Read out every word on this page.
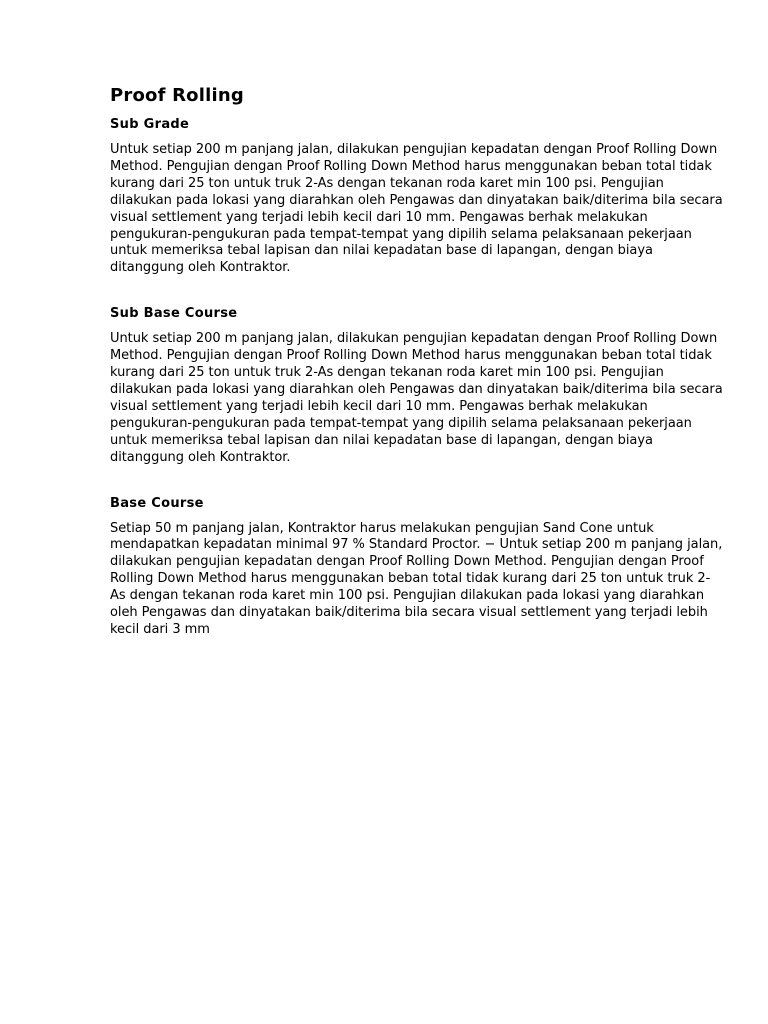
Proof Rolling
Sub Grade

Untuk setiap 200 m panjang jalan, dilakukan pengujian kepadatan dengan Proof Rolling Down Method. Pengujian dengan Proof Rolling Down Method harus menggunakan beban total tidak kurang dari 25 ton untuk truk 2-As dengan tekanan roda karet min 100 psi. Pengujian dilakukan pada lokasi yang diarahkan oleh Pengawas dan dinyatakan baik/diterima bila secara visual settlement yang terjadi lebih kecil dari 10 mm. Pengawas berhak melakukan pengukuran-pengukuran pada tempat-tempat yang dipilih selama pelaksanaan pekerjaan untuk memeriksa tebal lapisan dan nilai kepadatan base di lapangan, dengan biaya ditanggung oleh Kontraktor.

Sub Base Course

Untuk setiap 200 m panjang jalan, dilakukan pengujian kepadatan dengan Proof Rolling Down Method. Pengujian dengan Proof Rolling Down Method harus menggunakan beban total tidak kurang dari 25 ton untuk truk 2-As dengan tekanan roda karet min 100 psi. Pengujian dilakukan pada lokasi yang diarahkan oleh Pengawas dan dinyatakan baik/diterima bila secara visual settlement yang terjadi lebih kecil dari 10 mm. Pengawas berhak melakukan pengukuran-pengukuran pada tempat-tempat yang dipilih selama pelaksanaan pekerjaan untuk memeriksa tebal lapisan dan nilai kepadatan base di lapangan, dengan biaya ditanggung oleh Kontraktor.

Base Course

Setiap 50 m panjang jalan, Kontraktor harus melakukan pengujian Sand Cone untuk mendapatkan kepadatan minimal 97 % Standard Proctor. − Untuk setiap 200 m panjang jalan, dilakukan pengujian kepadatan dengan Proof Rolling Down Method. Pengujian dengan Proof Rolling Down Method harus menggunakan beban total tidak kurang dari 25 ton untuk truk 2-As dengan tekanan roda karet min 100 psi. Pengujian dilakukan pada lokasi yang diarahkan oleh Pengawas dan dinyatakan baik/diterima bila secara visual settlement yang terjadi lebih kecil dari 3 mm
